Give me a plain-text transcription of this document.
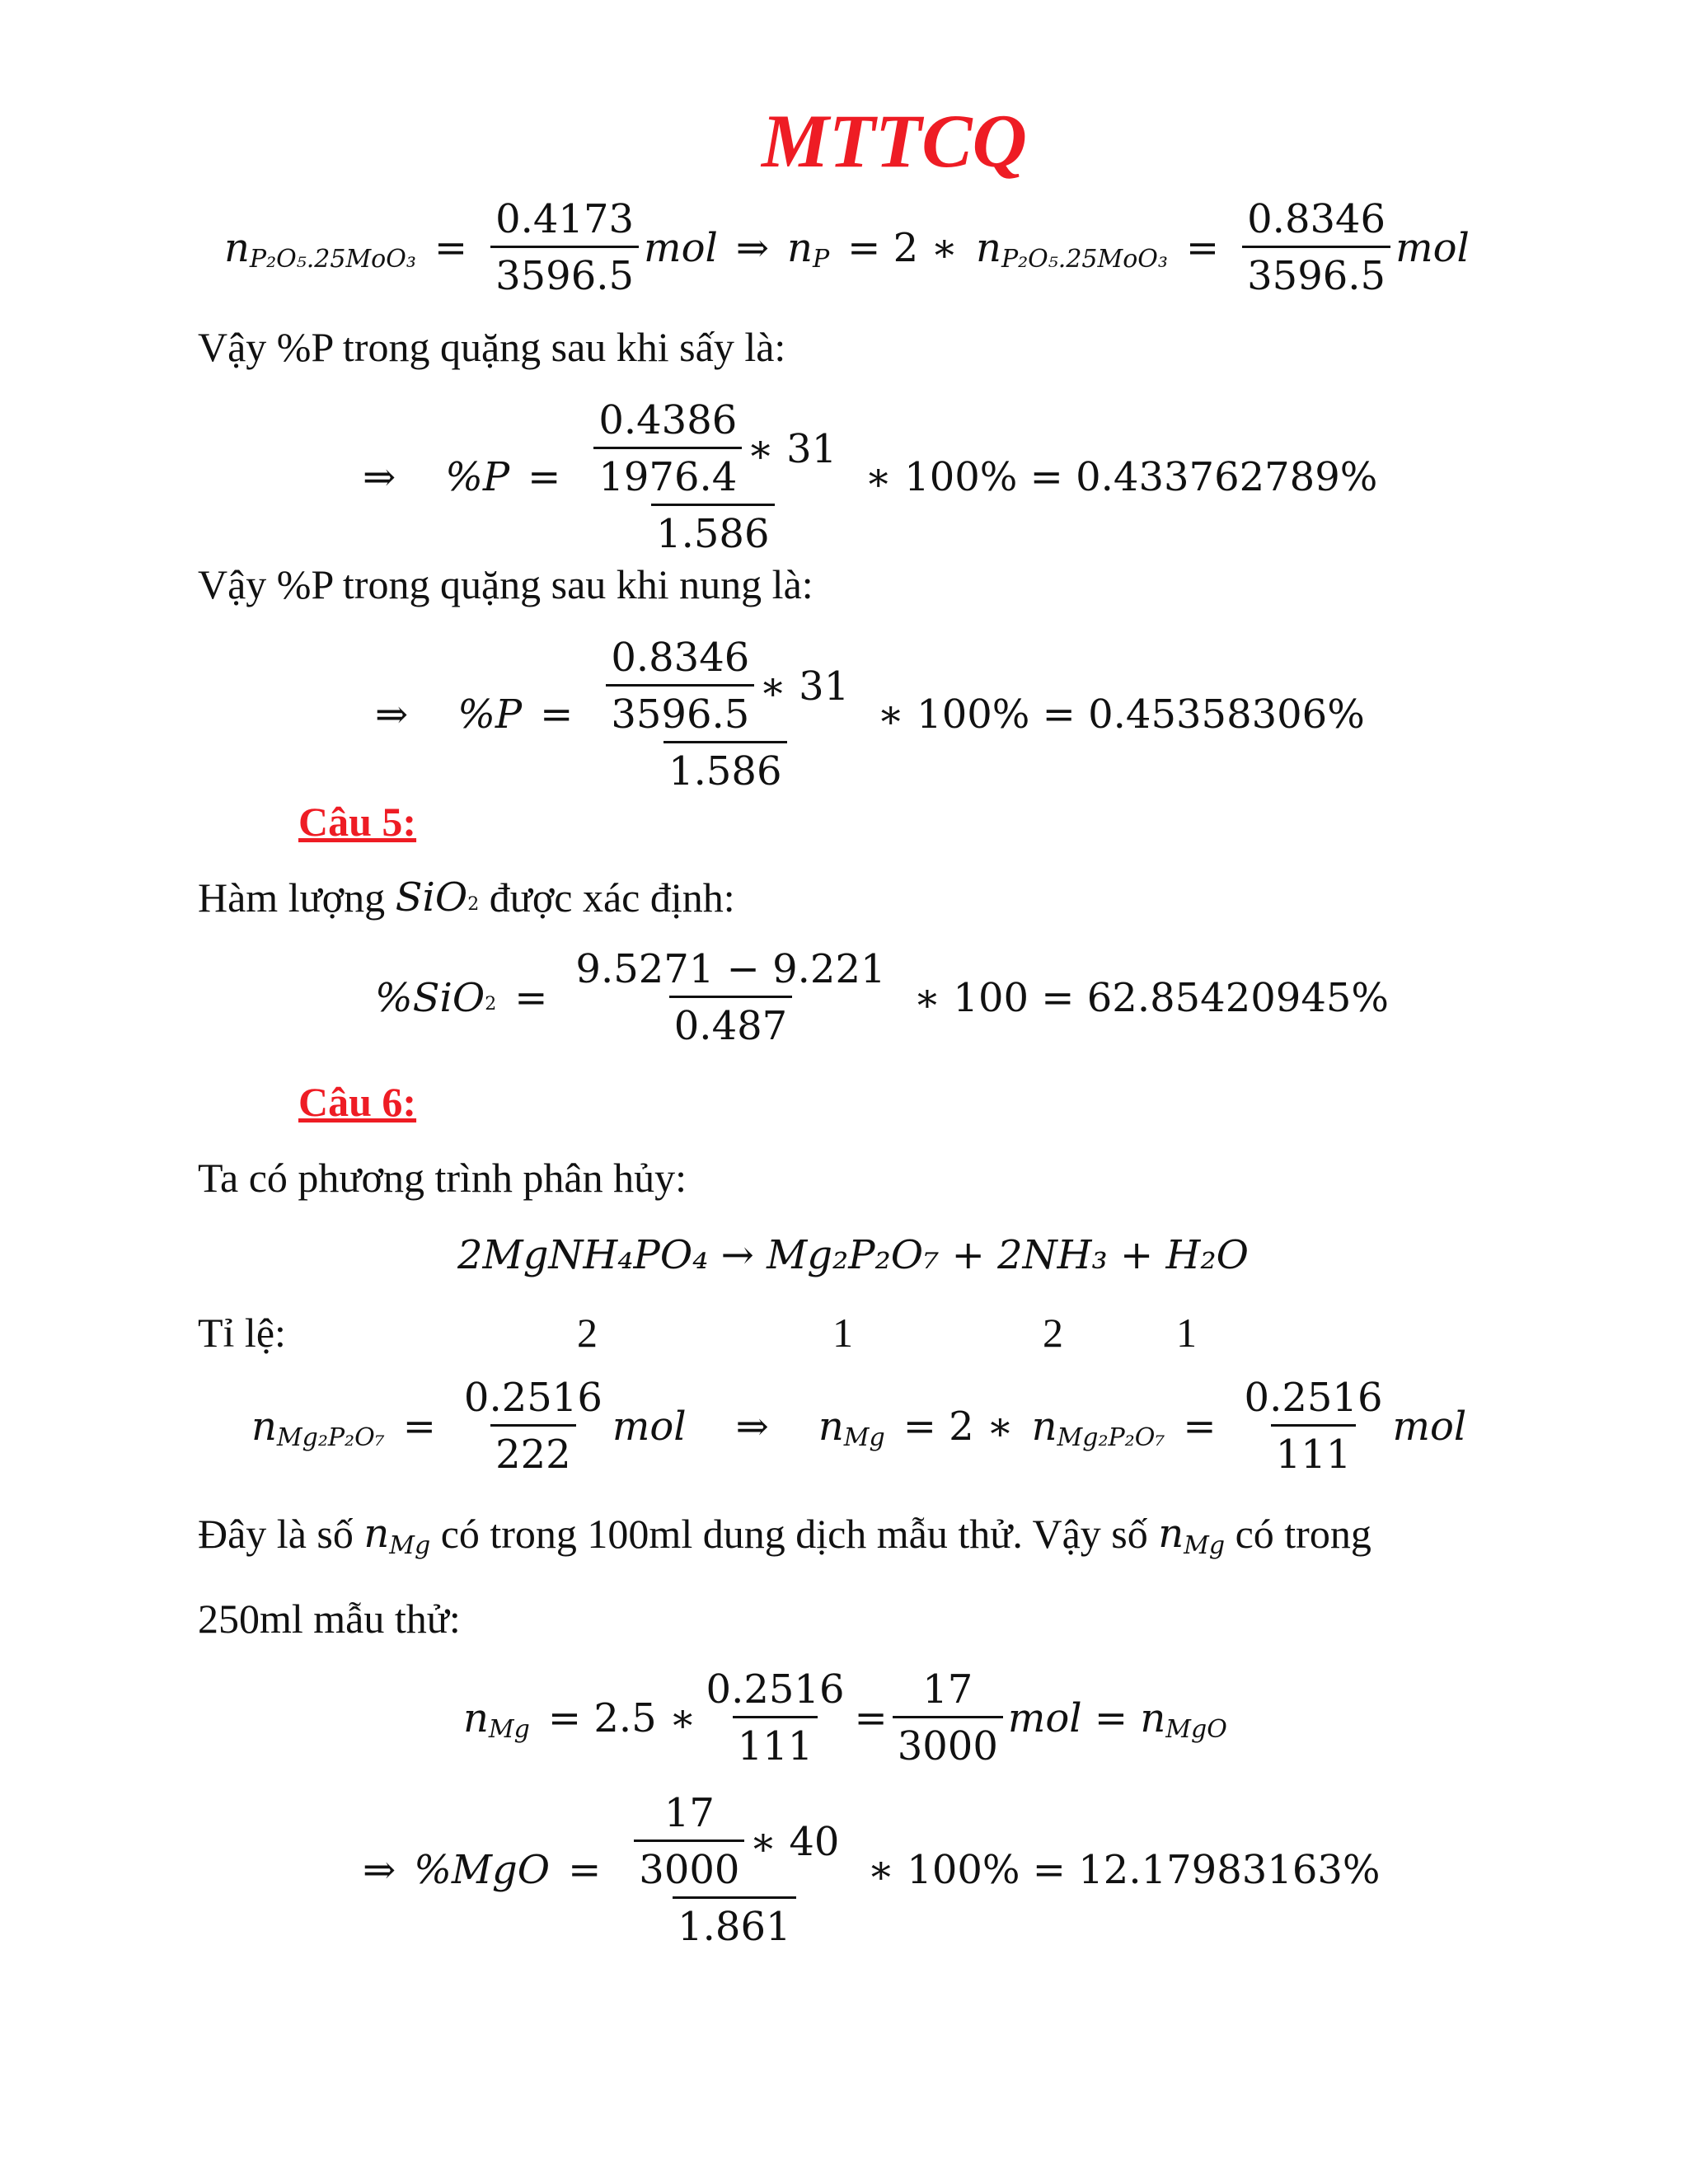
MTTCQ
n $P_2O_5.25MoO_3 = \frac{0.4173}{3596.5}$ mol ⇒ n P = 2 ∗ n $P_2O_5.25MoO_3 = \frac{0.8346}{3596.5}$ mol
Vậy %P trong quặng sau khi sấy là:
⇒ $\%P = \frac{\frac{0.4386}{1976.4} ∗ 31}{1.586}$ ∗ 100% = 0.433762789%
Vậy %P trong quặng sau khi nung là:
⇒ $\%P = \frac{\frac{0.8346}{3596.5} ∗ 31}{1.586}$ ∗ 100% = 0.45358306%
Câu 5:
Hàm lượng
SiO 2
được xác định:
%SiO $2 = \frac{9.5271 - 9.221}{0.487}$ ∗ 100 = 62.85420945%
Câu 6:
Ta có phương trình phân hủy:
2MgNH₄PO₄ → Mg₂P₂O₇ + 2NH₃ + H₂O
Tỉ lệ:	2	1	2	1
n $Mg_2P_2O_7 = \frac{0.2516}{222}$ mol ⇒ n Mg = 2 ∗ n $Mg_2P_2O_7 = \frac{0.2516}{111}$ mol
Đây là số
n Mg
có trong 100ml dung dịch mẫu thử. Vậy số
n Mg
có trong
250ml mẫu thử:
n Mg = 2.5 ∗ $\frac{0.2516}{111} = \frac{17}{3000}$ mol = n MgO
⇒ $\%MgO = \frac{\frac{17}{3000} ∗ 40}{1.861}$ ∗ 100% = 12.17983163%
